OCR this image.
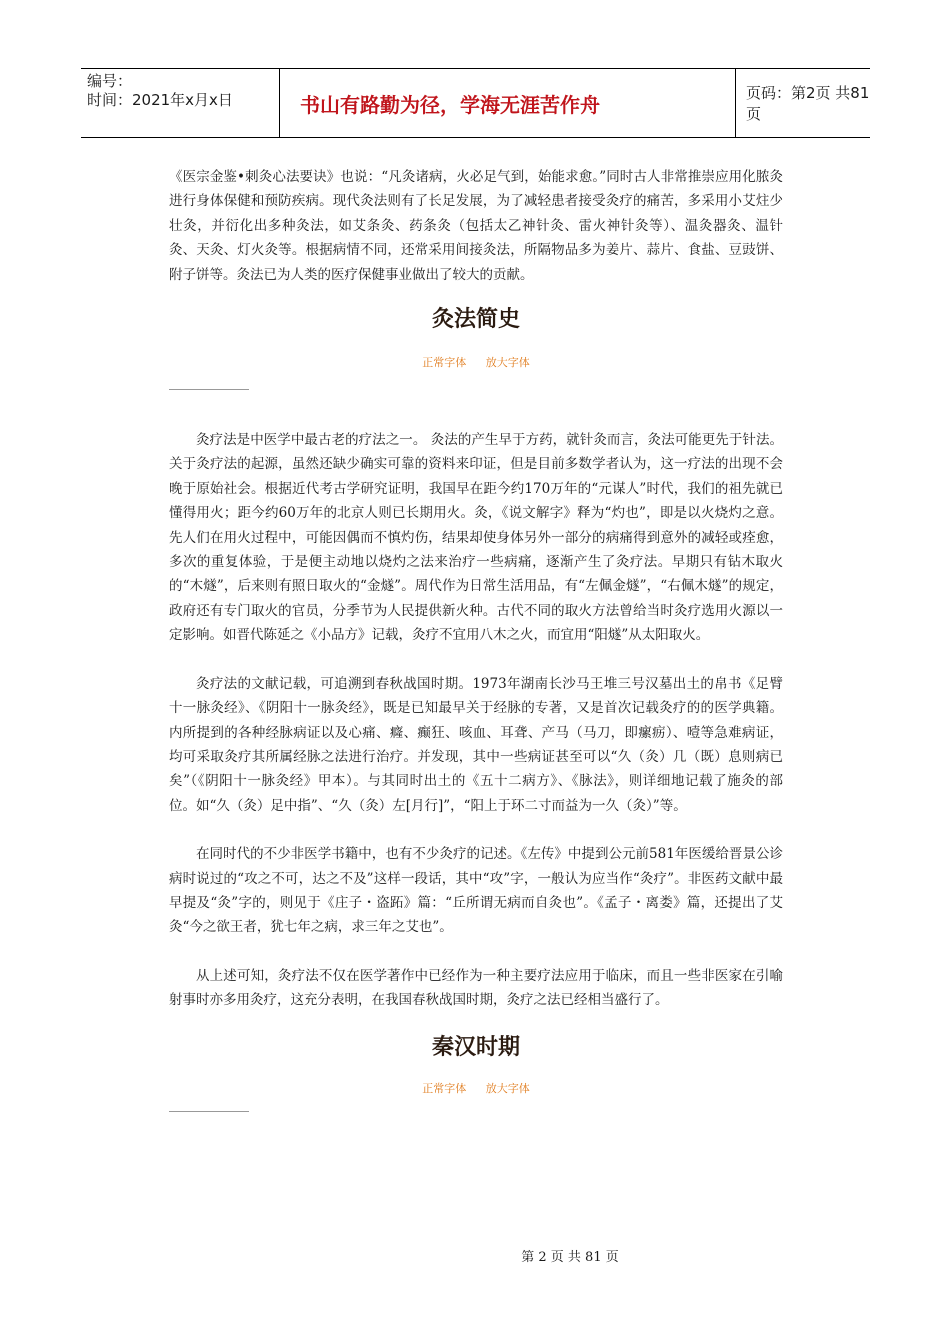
编号：
时间：2021年x月x日	书山有路勤为径，学海无涯苦作舟	页码：第2页 共81页

《医宗金鉴•刺灸心法要诀》也说：“凡灸诸病，火必足气到，始能求愈。”同时古人非常推崇应用化脓灸进行身体保健和预防疾病。现代灸法则有了长足发展，为了减轻患者接受灸疗的痛苦，多采用小艾炷少壮灸，并衍化出多种灸法，如艾条灸、药条灸（包括太乙神针灸、雷火神针灸等）、温灸器灸、温针灸、天灸、灯火灸等。根据病情不同，还常采用间接灸法，所隔物品多为姜片、蒜片、食盐、豆豉饼、附子饼等。灸法已为人类的医疗保健事业做出了较大的贡献。

灸法简史
正常字体 放大字体

灸疗法是中医学中最古老的疗法之一。 灸法的产生早于方药，就针灸而言，灸法可能更先于针法。关于灸疗法的起源，虽然还缺少确实可靠的资料来印证，但是目前多数学者认为，这一疗法的出现不会晚于原始社会。根据近代考古学研究证明，我国早在距今约170万年的“元谋人”时代，我们的祖先就已懂得用火；距今约60万年的北京人则已长期用火。灸，《说文解字》释为“灼也”，即是以火烧灼之意。先人们在用火过程中，可能因偶而不慎灼伤，结果却使身体另外一部分的病痛得到意外的减轻或痊愈，多次的重复体验，于是便主动地以烧灼之法来治疗一些病痛，逐渐产生了灸疗法。早期只有钻木取火的“木燧”，后来则有照日取火的“金燧”。周代作为日常生活用品，有“左佩金燧”，“右佩木燧”的规定，政府还有专门取火的官员，分季节为人民提供新火种。古代不同的取火方法曾给当时灸疗选用火源以一定影响。如晋代陈延之《小品方》记载，灸疗不宜用八木之火，而宜用“阳燧”从太阳取火。

灸疗法的文献记载，可追溯到春秋战国时期。1973年湖南长沙马王堆三号汉墓出土的帛书《足臂十一脉灸经》、《阴阳十一脉灸经》，既是已知最早关于经脉的专著，又是首次记载灸疗的的医学典籍。内所提到的各种经脉病证以及心痛、癃、癫狂、咳血、耳聋、产马（马刀，即瘰疬）、噎等急难病证，均可采取灸疗其所属经脉之法进行治疗。并发现，其中一些病证甚至可以“久（灸）几（既）息则病已矣”（《阴阳十一脉灸经》甲本）。与其同时出土的《五十二病方》、《脉法》，则详细地记载了施灸的部位。如“久（灸）足中指”、“久（灸）左[月行]”，“阳上于环二寸而益为一久（灸）”等。

在同时代的不少非医学书籍中，也有不少灸疗的记述。《左传》中提到公元前581年医缓给晋景公诊病时说过的“攻之不可，达之不及”这样一段话，其中“攻”字，一般认为应当作“灸疗”。非医药文献中最早提及“灸”字的，则见于《庄子・盗跖》篇：“丘所谓无病而自灸也”。《孟子・离娄》篇，还提出了艾灸“今之欲王者，犹七年之病，求三年之艾也”。

从上述可知，灸疗法不仅在医学著作中已经作为一种主要疗法应用于临床，而且一些非医家在引喻射事时亦多用灸疗，这充分表明，在我国春秋战国时期，灸疗之法已经相当盛行了。

秦汉时期
正常字体 放大字体
第 2 页 共 81 页
